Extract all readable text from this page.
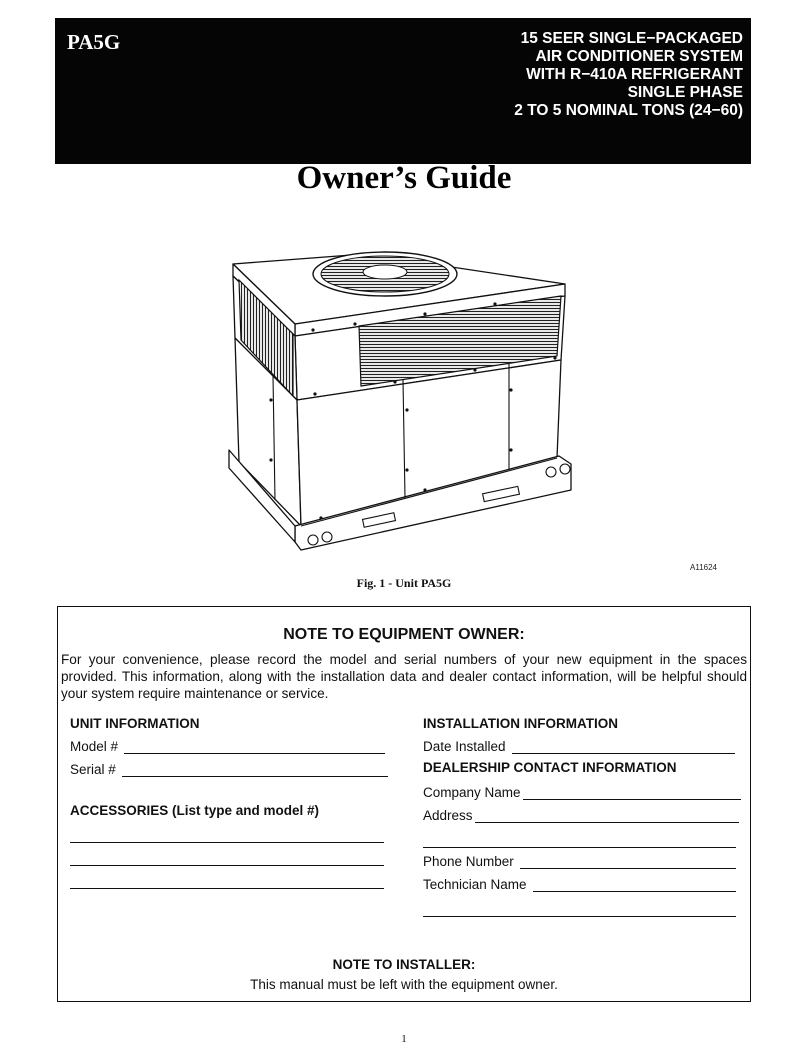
PA5G	15 SEER SINGLE−PACKAGED
AIR CONDITIONER SYSTEM
WITH R−410A REFRIGERANT
SINGLE PHASE
2 TO 5 NOMINAL TONS (24−60)
Owner’s Guide
A11624
Fig. 1 - Unit PA5G
NOTE TO EQUIPMENT OWNER:
For your convenience, please record the model and serial numbers of your new equipment in the spaces provided. This information, along with the installation data and dealer contact information, will be helpful should your system require maintenance or service.
UNIT INFORMATION
Model #
Serial #
ACCESSORIES (List type and model #)
INSTALLATION INFORMATION
Date Installed
DEALERSHIP CONTACT INFORMATION
Company Name
Address
Phone Number
Technician Name
NOTE TO INSTALLER:
This manual must be left with the equipment owner.
1
